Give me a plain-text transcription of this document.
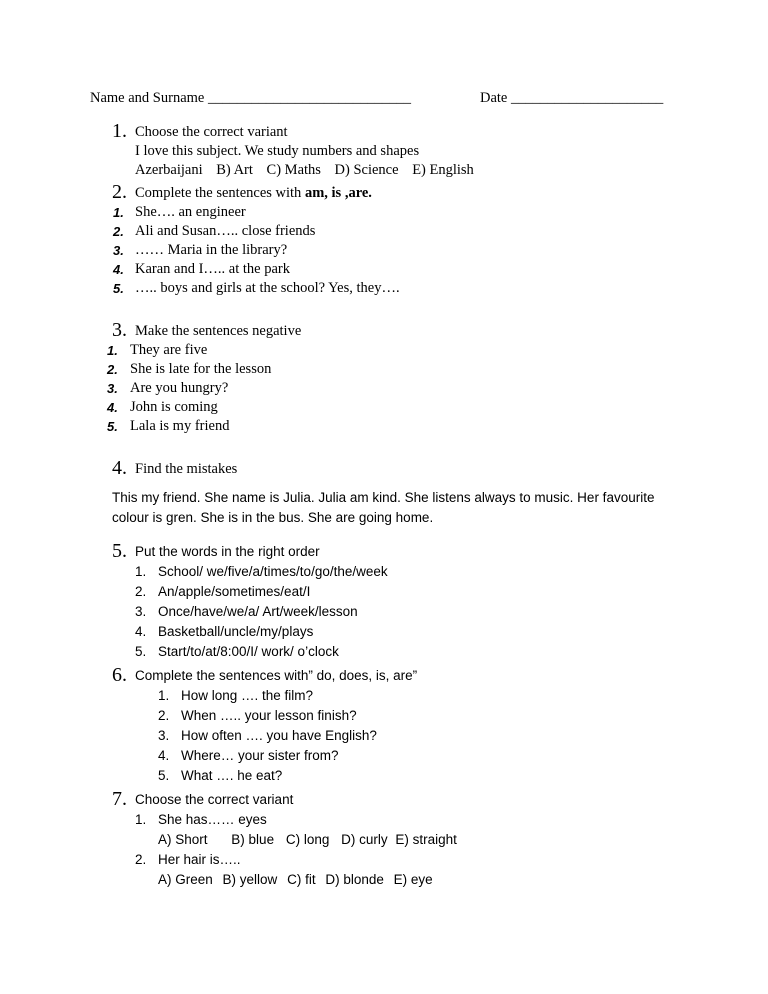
Name and Surname ____________________________	Date _____________________
1. Choose the correct variant
I love this subject. We study numbers and shapes
Azerbaijani B) Art C) Maths D) Science E) English
2. Complete the sentences with am, is ,are.
1. She…. an engineer
2. Ali and Susan….. close friends
3. …… Maria in the library?
4. Karan and I….. at the park
5. ….. boys and girls at the school? Yes, they….
3. Make the sentences negative
1. They are five
2. She is late for the lesson
3. Are you hungry?
4. John is coming
5. Lala is my friend
4. Find the mistakes
This my friend. She name is Julia. Julia am kind. She listens always to music. Her favourite
colour is gren. She is in the bus. She are going home.
5. Put the words in the right order
1. School/ we/five/a/times/to/go/the/week
2. An/apple/sometimes/eat/I
3. Once/have/we/a/ Art/week/lesson
4. Basketball/uncle/my/plays
5. Start/to/at/8:00/I/ work/ o’clock
6. Complete the sentences with” do, does, is, are”
1. How long …. the film?
2. When ….. your lesson finish?
3. How often …. you have English?
4. Where… your sister from?
5. What …. he eat?
7. Choose the correct variant
1. She has…… eyes
A) Short B) blue C) long D) curly E) straight
2. Her hair is…..
A) Green B) yellow C) fit D) blonde E) eye
